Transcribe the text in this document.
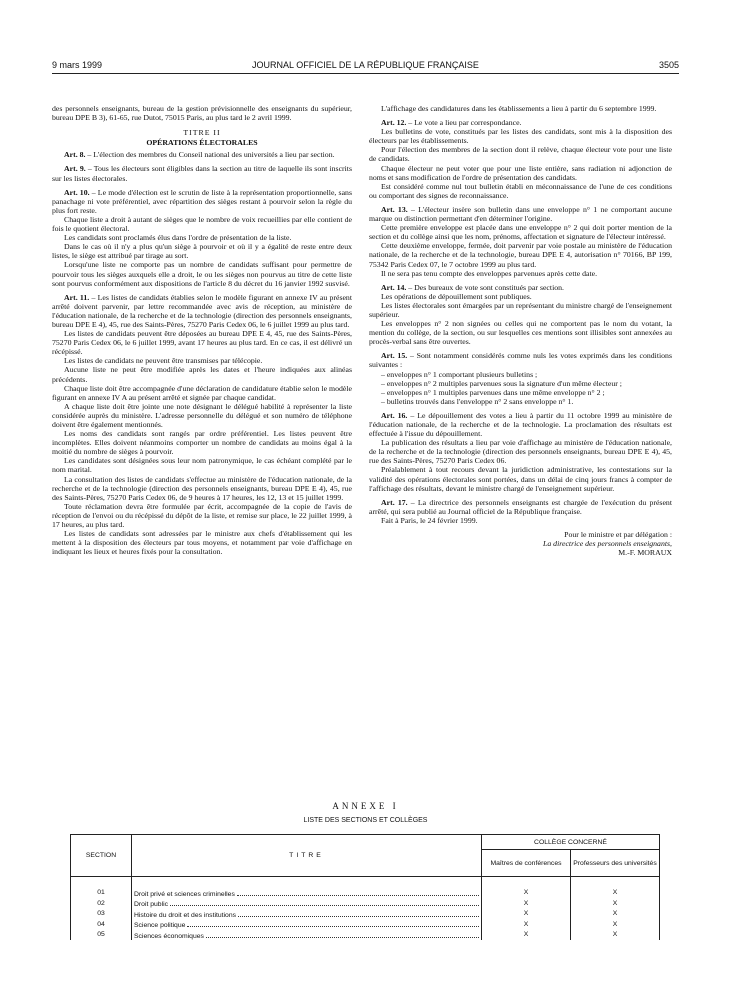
9 mars 1999	JOURNAL OFFICIEL DE LA RÉPUBLIQUE FRANÇAISE	3505

des personnels enseignants, bureau de la gestion prévisionnelle des enseignants du supérieur, bureau DPE B 3), 61-65, rue Dutot, 75015 Paris, au plus tard le 2 avril 1999.

TITRE II

OPÉRATIONS ÉLECTORALES

Art. 8. – L'élection des membres du Conseil national des universités a lieu par section.

Art. 9. – Tous les électeurs sont éligibles dans la section au titre de laquelle ils sont inscrits sur les listes électorales.

Art. 10. – Le mode d'élection est le scrutin de liste à la représentation proportionnelle, sans panachage ni vote préférentiel, avec répartition des sièges restant à pourvoir selon la règle du plus fort reste.

Chaque liste a droit à autant de sièges que le nombre de voix recueillies par elle contient de fois le quotient électoral.

Les candidats sont proclamés élus dans l'ordre de présentation de la liste.

Dans le cas où il n'y a plus qu'un siège à pourvoir et où il y a égalité de reste entre deux listes, le siège est attribué par tirage au sort.

Lorsqu'une liste ne comporte pas un nombre de candidats suffisant pour permettre de pourvoir tous les sièges auxquels elle a droit, le ou les sièges non pourvus au titre de cette liste sont pourvus conformément aux dispositions de l'article 8 du décret du 16 janvier 1992 susvisé.

Art. 11. – Les listes de candidats établies selon le modèle figurant en annexe IV au présent arrêté doivent parvenir, par lettre recommandée avec avis de réception, au ministère de l'éducation nationale, de la recherche et de la technologie (direction des personnels enseignants, bureau DPE E 4), 45, rue des Saints-Pères, 75270 Paris Cedex 06, le 6 juillet 1999 au plus tard.

Les listes de candidats peuvent être déposées au bureau DPE E 4, 45, rue des Saints-Pères, 75270 Paris Cedex 06, le 6 juillet 1999, avant 17 heures au plus tard. En ce cas, il est délivré un récépissé.

Les listes de candidats ne peuvent être transmises par télécopie.

Aucune liste ne peut être modifiée après les dates et l'heure indiquées aux alinéas précédents.

Chaque liste doit être accompagnée d'une déclaration de candidature établie selon le modèle figurant en annexe IV A au présent arrêté et signée par chaque candidat.

A chaque liste doit être jointe une note désignant le délégué habilité à représenter la liste considérée auprès du ministère. L'adresse personnelle du délégué et son numéro de téléphone doivent être également mentionnés.

Les noms des candidats sont rangés par ordre préférentiel. Les listes peuvent être incomplètes. Elles doivent néanmoins comporter un nombre de candidats au moins égal à la moitié du nombre de sièges à pourvoir.

Les candidates sont désignées sous leur nom patronymique, le cas échéant complété par le nom marital.

La consultation des listes de candidats s'effectue au ministère de l'éducation nationale, de la recherche et de la technologie (direction des personnels enseignants, bureau DPE E 4), 45, rue des Saints-Pères, 75270 Paris Cedex 06, de 9 heures à 17 heures, les 12, 13 et 15 juillet 1999.

Toute réclamation devra être formulée par écrit, accompagnée de la copie de l'avis de réception de l'envoi ou du récépissé du dépôt de la liste, et remise sur place, le 22 juillet 1999, à 17 heures, au plus tard.

Les listes de candidats sont adressées par le ministre aux chefs d'établissement qui les mettent à la disposition des électeurs par tous moyens, et notamment par voie d'affichage en indiquant les lieux et heures fixés pour la consultation.

L'affichage des candidatures dans les établissements a lieu à partir du 6 septembre 1999.

Art. 12. – Le vote a lieu par correspondance.

Les bulletins de vote, constitués par les listes des candidats, sont mis à la disposition des électeurs par les établissements.

Pour l'élection des membres de la section dont il relève, chaque électeur vote pour une liste de candidats.

Chaque électeur ne peut voter que pour une liste entière, sans radiation ni adjonction de noms et sans modification de l'ordre de présentation des candidats.

Est considéré comme nul tout bulletin établi en méconnaissance de l'une de ces conditions ou comportant des signes de reconnaissance.

Art. 13. – L'électeur insère son bulletin dans une enveloppe n° 1 ne comportant aucune marque ou distinction permettant d'en déterminer l'origine.

Cette première enveloppe est placée dans une enveloppe n° 2 qui doit porter mention de la section et du collège ainsi que les nom, prénoms, affectation et signature de l'électeur intéressé.

Cette deuxième enveloppe, fermée, doit parvenir par voie postale au ministère de l'éducation nationale, de la recherche et de la technologie, bureau DPE E 4, autorisation n° 70166, BP 199, 75342 Paris Cedex 07, le 7 octobre 1999 au plus tard.

Il ne sera pas tenu compte des enveloppes parvenues après cette date.

Art. 14. – Des bureaux de vote sont constitués par section.

Les opérations de dépouillement sont publiques.

Les listes électorales sont émargées par un représentant du ministre chargé de l'enseignement supérieur.

Les enveloppes n° 2 non signées ou celles qui ne comportent pas le nom du votant, la mention du collège, de la section, ou sur lesquelles ces mentions sont illisibles sont annexées au procès-verbal sans être ouvertes.

Art. 15. – Sont notamment considérés comme nuls les votes exprimés dans les conditions suivantes :

– enveloppes n° 1 comportant plusieurs bulletins ;

– enveloppes n° 2 multiples parvenues sous la signature d'un même électeur ;

– enveloppes n° 1 multiples parvenues dans une même enveloppe n° 2 ;

– bulletins trouvés dans l'enveloppe n° 2 sans enveloppe n° 1.

Art. 16. – Le dépouillement des votes a lieu à partir du 11 octobre 1999 au ministère de l'éducation nationale, de la recherche et de la technologie. La proclamation des résultats est effectuée à l'issue du dépouillement.

La publication des résultats a lieu par voie d'affichage au ministère de l'éducation nationale, de la recherche et de la technologie (direction des personnels enseignants, bureau DPE E 4), 45, rue des Saints-Pères, 75270 Paris Cedex 06.

Préalablement à tout recours devant la juridiction administrative, les contestations sur la validité des opérations électorales sont portées, dans un délai de cinq jours francs à compter de l'affichage des résultats, devant le ministre chargé de l'enseignement supérieur.

Art. 17. – La directrice des personnels enseignants est chargée de l'exécution du présent arrêté, qui sera publié au Journal officiel de la République française.

Fait à Paris, le 24 février 1999.

Pour le ministre et par délégation :

La directrice des personnels enseignants,

M.-F. MORAUX

ANNEXE I
LISTE DES SECTIONS ET COLLÈGES
SECTION	TITRE	COLLÈGE CONCERNÉ	
		Maîtres de conférences	Professeurs des universités

01	Droit privé et sciences criminelles	X	X
02	Droit public	X	X
03	Histoire du droit et des institutions	X	X
04	Science politique	X	X
05	Sciences économiques	X	X
